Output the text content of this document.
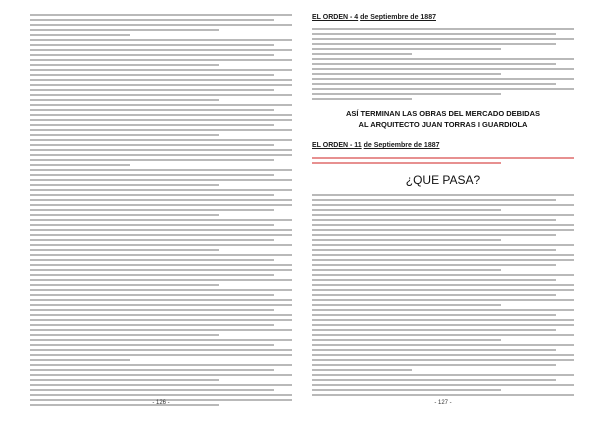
- 126 -
EL ORDEN - 4 de Septiembre de 1887
ASÍ TERMINAN LAS OBRAS DEL MERCADO DEBIDAS
AL ARQUITECTO JUAN TORRAS I GUARDIOLA
EL ORDEN - 11 de Septiembre de 1887
¿QUE PASA?
- 127 -
